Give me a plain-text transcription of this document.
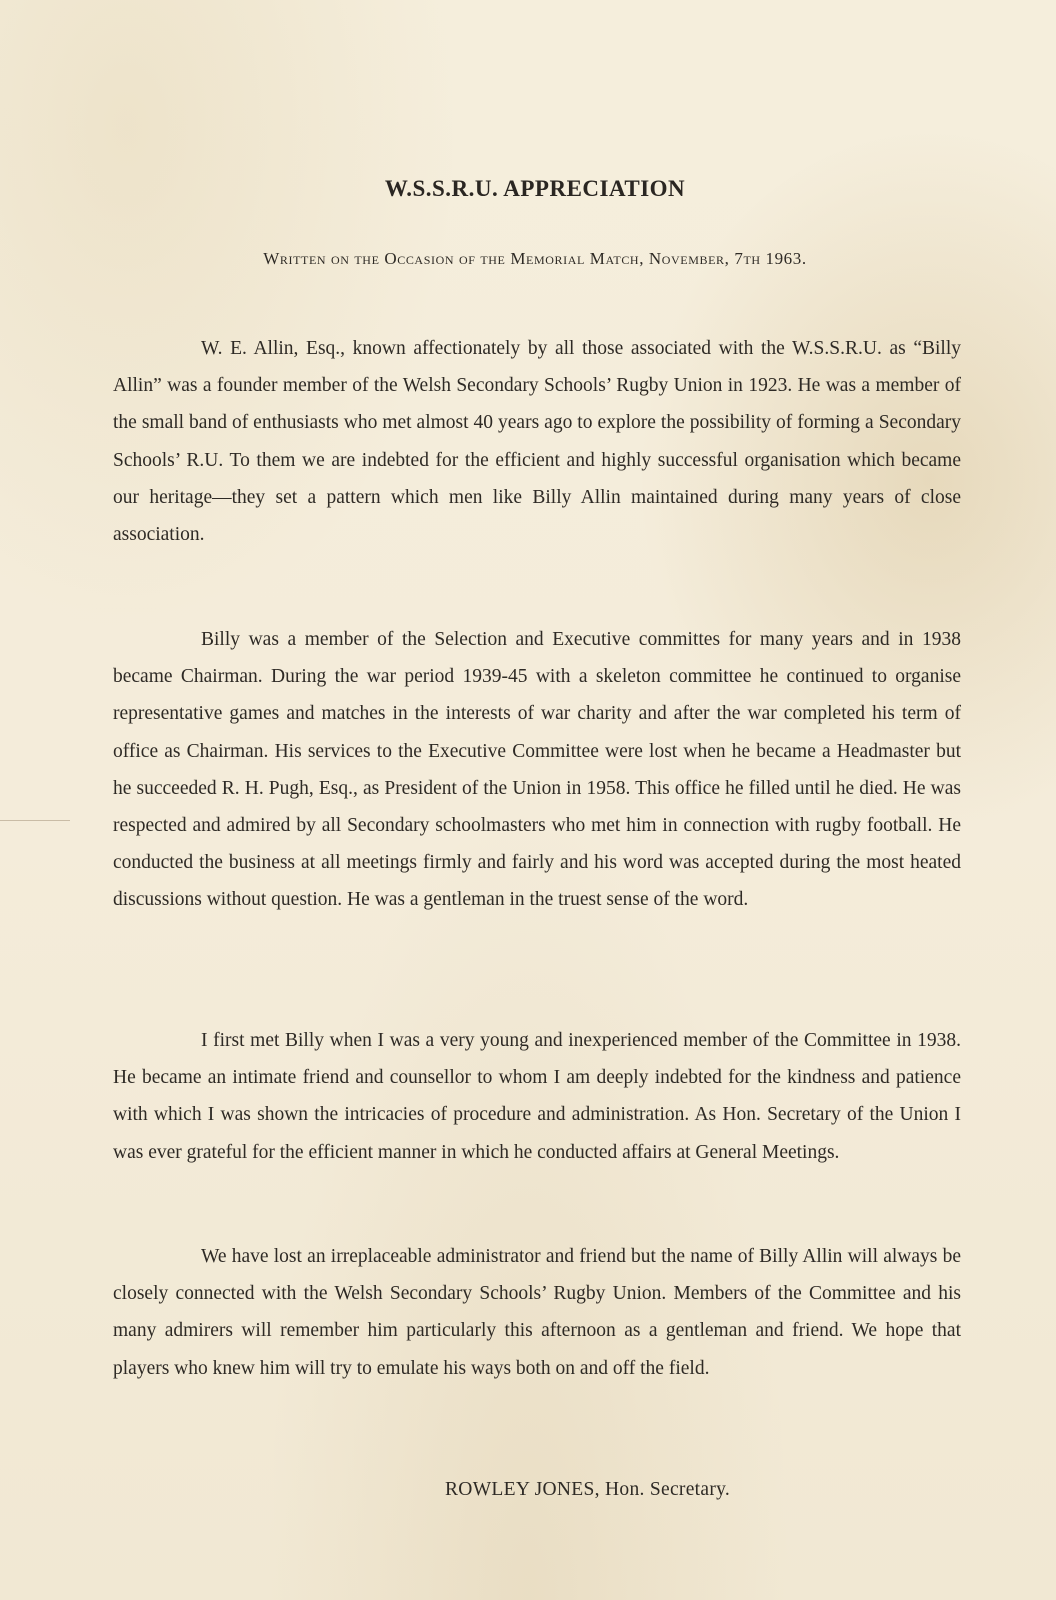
W.S.S.R.U. APPRECIATION

Written on the Occasion of the Memorial Match, November, 7th 1963.

W. E. Allin, Esq., known affectionately by all those associated with the W.S.S.R.U. as “Billy Allin” was a founder member of the Welsh Secondary Schools’ Rugby Union in 1923. He was a member of the small band of enthusiasts who met almost 40 years ago to explore the possibility of forming a Secondary Schools’ R.U. To them we are indebted for the efficient and highly successful organisation which became our heritage—they set a pattern which men like Billy Allin maintained during many years of close association.

Billy was a member of the Selection and Executive committes for many years and in 1938 became Chairman. During the war period 1939-45 with a skeleton committee he continued to organise representative games and matches in the interests of war charity and after the war completed his term of office as Chairman. His services to the Executive Committee were lost when he became a Headmaster but he succeeded R. H. Pugh, Esq., as President of the Union in 1958. This office he filled until he died. He was respected and admired by all Secondary schoolmasters who met him in connection with rugby football. He conducted the business at all meetings firmly and fairly and his word was accepted during the most heated discussions without question. He was a gentleman in the truest sense of the word.

I first met Billy when I was a very young and inexperienced member of the Committee in 1938. He became an intimate friend and counsellor to whom I am deeply indebted for the kindness and patience with which I was shown the intricacies of procedure and administration. As Hon. Secretary of the Union I was ever grateful for the efficient manner in which he conducted affairs at General Meetings.

We have lost an irreplaceable administrator and friend but the name of Billy Allin will always be closely connected with the Welsh Secondary Schools’ Rugby Union. Members of the Committee and his many admirers will remember him particularly this afternoon as a gentleman and friend. We hope that players who knew him will try to emulate his ways both on and off the field.

ROWLEY JONES, Hon. Secretary.
